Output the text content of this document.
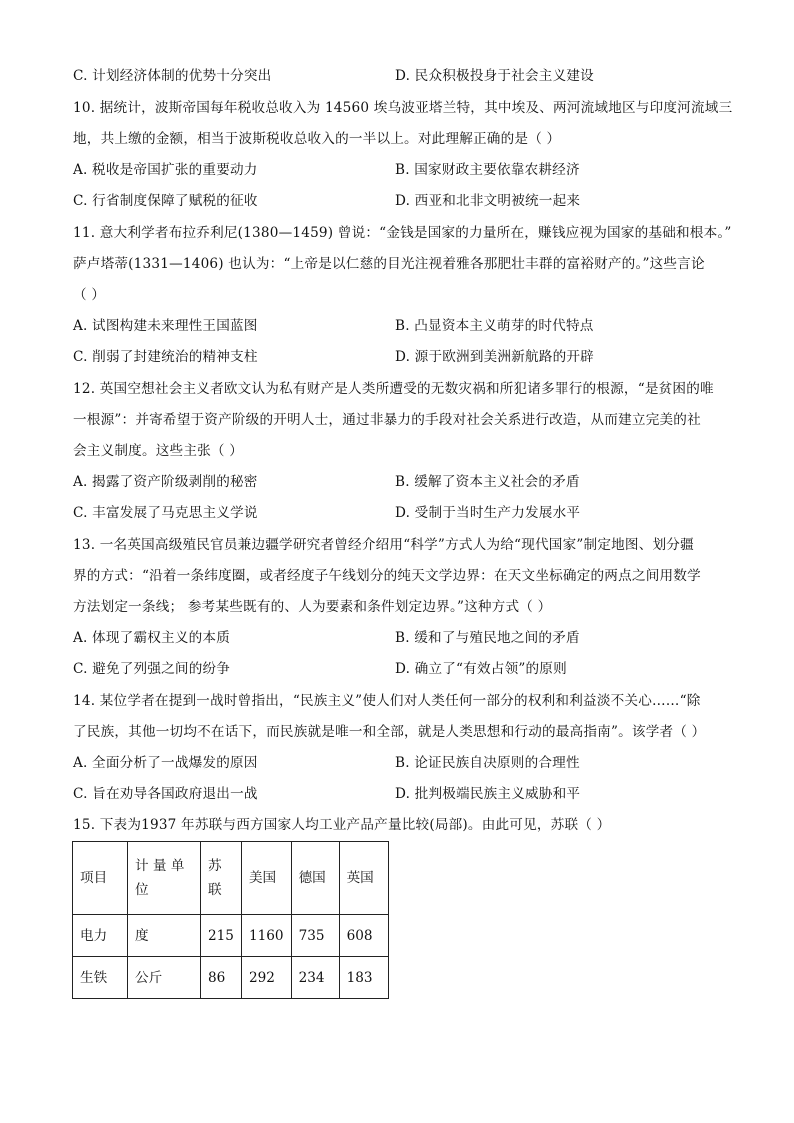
C. 计划经济体制的优势十分突出	D. 民众积极投身于社会主义建设
10. 据统计，波斯帝国每年税收总收入为 14560 埃乌波亚塔兰特，其中埃及、两河流域地区与印度河流域三
地，共上缴的金额，相当于波斯税收总收入的一半以上。对此理解正确的是（ ）
A. 税收是帝国扩张的重要动力	B. 国家财政主要依靠农耕经济
C. 行省制度保障了赋税的征收	D. 西亚和北非文明被统一起来
11. 意大利学者布拉乔利尼(1380—1459) 曾说：“金钱是国家的力量所在，赚钱应视为国家的基础和根本。”
萨卢塔蒂(1331—1406) 也认为：“上帝是以仁慈的目光注视着雅各那肥壮丰群的富裕财产的。”这些言论
（ ）
A. 试图构建未来理性王国蓝图	B. 凸显资本主义萌芽的时代特点
C. 削弱了封建统治的精神支柱	D. 源于欧洲到美洲新航路的开辟
12. 英国空想社会主义者欧文认为私有财产是人类所遭受的无数灾祸和所犯诸多罪行的根源，“是贫困的唯
一根源”：并寄希望于资产阶级的开明人士，通过非暴力的手段对社会关系进行改造，从而建立完美的社
会主义制度。这些主张（ ）
A. 揭露了资产阶级剥削的秘密	B. 缓解了资本主义社会的矛盾
C. 丰富发展了马克思主义学说	D. 受制于当时生产力发展水平
13. 一名英国高级殖民官员兼边疆学研究者曾经介绍用“科学”方式人为给“现代国家”制定地图、划分疆
界的方式：“沿着一条纬度圈，或者经度子午线划分的纯天文学边界：在天文坐标确定的两点之间用数学
方法划定一条线； 参考某些既有的、人为要素和条件划定边界。”这种方式（ ）
A. 体现了霸权主义的本质	B. 缓和了与殖民地之间的矛盾
C. 避免了列强之间的纷争	D. 确立了“有效占领”的原则
14. 某位学者在提到一战时曾指出，“民族主义”使人们对人类任何一部分的权利和利益淡不关心……“除
了民族，其他一切均不在话下，而民族就是唯一和全部，就是人类思想和行动的最高指南”。该学者（ ）
A. 全面分析了一战爆发的原因	B. 论证民族自决原则的合理性
C. 旨在劝导各国政府退出一战	D. 批判极端民族主义威胁和平
15. 下表为1937 年苏联与西方国家人均工业产品产量比较(局部)。由此可见，苏联（ ）
项目	计 量 单 位	苏 联	美国	德国	英国
电力	度	215	1160	735	608
生铁	公斤	86	292	234	183
